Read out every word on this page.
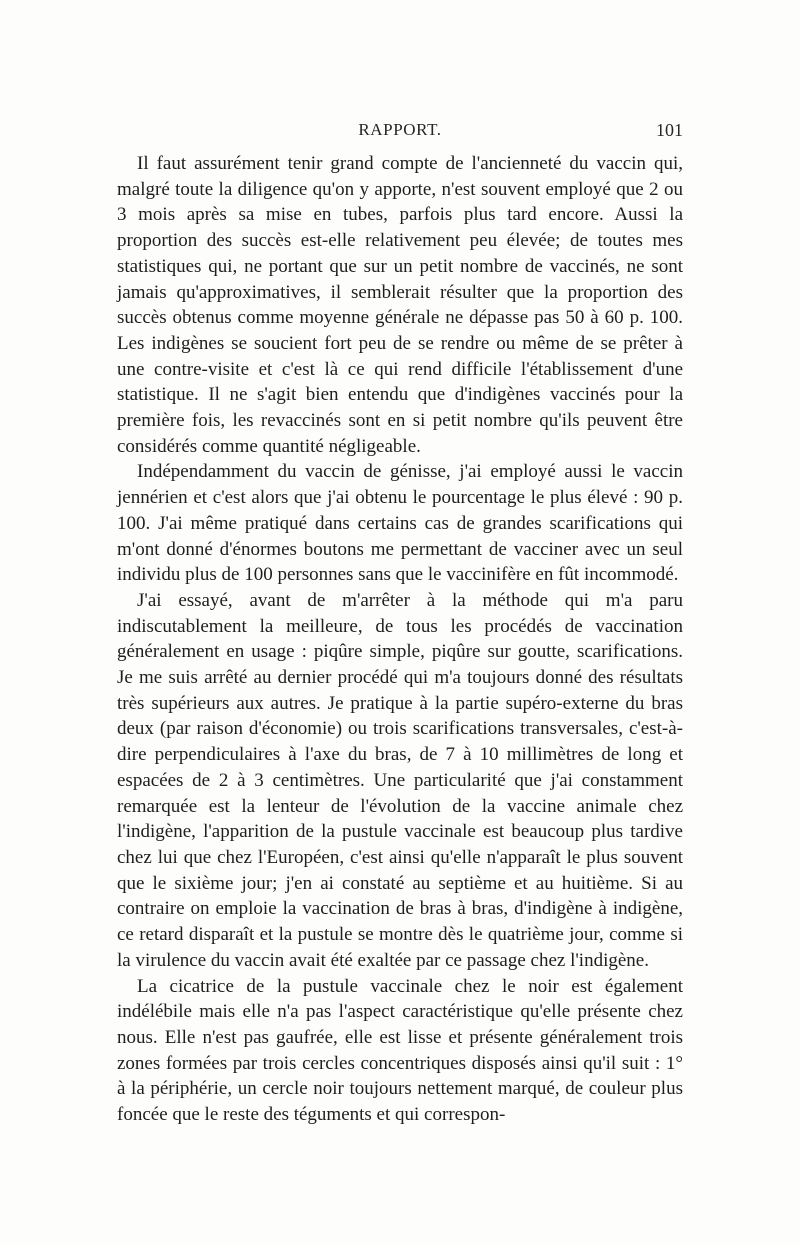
RAPPORT.	101

Il faut assurément tenir grand compte de l'ancienneté du vaccin qui, malgré toute la diligence qu'on y apporte, n'est souvent employé que 2 ou 3 mois après sa mise en tubes, parfois plus tard encore. Aussi la proportion des succès est-elle relativement peu élevée; de toutes mes statistiques qui, ne portant que sur un petit nombre de vaccinés, ne sont jamais qu'approximatives, il semblerait résulter que la proportion des succès obtenus comme moyenne générale ne dépasse pas 50 à 60 p. 100. Les indigènes se soucient fort peu de se rendre ou même de se prêter à une contre-visite et c'est là ce qui rend difficile l'établissement d'une statistique. Il ne s'agit bien entendu que d'indigènes vaccinés pour la première fois, les revaccinés sont en si petit nombre qu'ils peuvent être considérés comme quantité négligeable.

Indépendamment du vaccin de génisse, j'ai employé aussi le vaccin jennérien et c'est alors que j'ai obtenu le pourcentage le plus élevé : 90 p. 100. J'ai même pratiqué dans certains cas de grandes scarifications qui m'ont donné d'énormes boutons me permettant de vacciner avec un seul individu plus de 100 personnes sans que le vaccinifère en fût incommodé.

J'ai essayé, avant de m'arrêter à la méthode qui m'a paru indiscutablement la meilleure, de tous les procédés de vaccination généralement en usage : piqûre simple, piqûre sur goutte, scarifications. Je me suis arrêté au dernier procédé qui m'a toujours donné des résultats très supérieurs aux autres. Je pratique à la partie supéro-externe du bras deux (par raison d'économie) ou trois scarifications transversales, c'est-à-dire perpendiculaires à l'axe du bras, de 7 à 10 millimètres de long et espacées de 2 à 3 centimètres. Une particularité que j'ai constamment remarquée est la lenteur de l'évolution de la vaccine animale chez l'indigène, l'apparition de la pustule vaccinale est beaucoup plus tardive chez lui que chez l'Européen, c'est ainsi qu'elle n'apparaît le plus souvent que le sixième jour; j'en ai constaté au septième et au huitième. Si au contraire on emploie la vaccination de bras à bras, d'indigène à indigène, ce retard disparaît et la pustule se montre dès le quatrième jour, comme si la virulence du vaccin avait été exaltée par ce passage chez l'indigène.

La cicatrice de la pustule vaccinale chez le noir est également indélébile mais elle n'a pas l'aspect caractéristique qu'elle présente chez nous. Elle n'est pas gaufrée, elle est lisse et présente généralement trois zones formées par trois cercles concentriques disposés ainsi qu'il suit : 1° à la périphérie, un cercle noir toujours nettement marqué, de couleur plus foncée que le reste des téguments et qui correspon-
